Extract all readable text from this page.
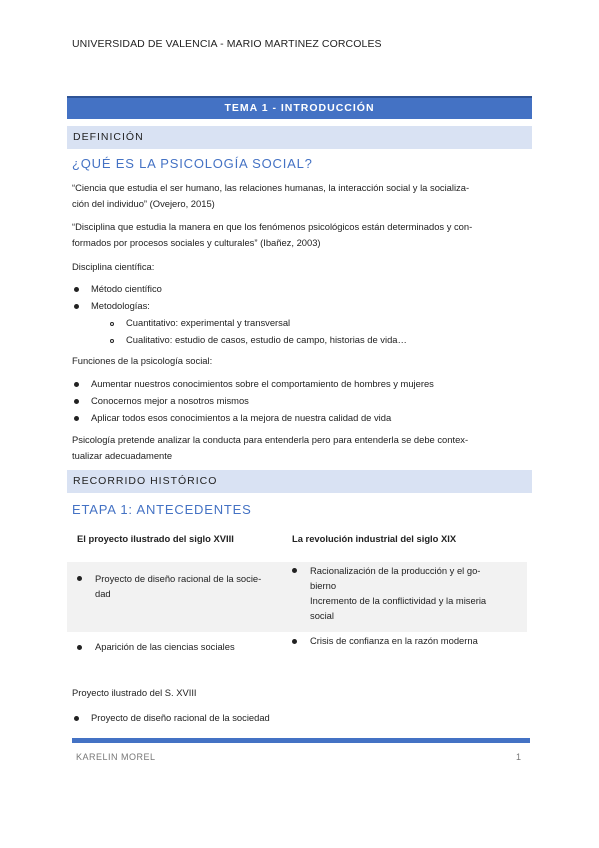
UNIVERSIDAD DE VALENCIA - MARIO MARTINEZ CORCOLES
TEMA 1 - INTRODUCCIÓN
DEFINICIÓN
¿QUÉ ES LA PSICOLOGÍA SOCIAL?
“Ciencia que estudia el ser humano, las relaciones humanas, la interacción social y la socializa-
ción del individuo” (Ovejero, 2015)
“Disciplina que estudia la manera en que los fenómenos psicológicos están determinados y con-
formados por procesos sociales y culturales” (Ibañez, 2003)
Disciplina científica:
Método científico
Metodologías:
Cuantitativo: experimental y transversal
Cualitativo: estudio de casos, estudio de campo, historias de vida…
Funciones de la psicología social:
Aumentar nuestros conocimientos sobre el comportamiento de hombres y mujeres
Conocernos mejor a nosotros mismos
Aplicar todos esos conocimientos a la mejora de nuestra calidad de vida
Psicología pretende analizar la conducta para entenderla pero para entenderla se debe contex-
tualizar adecuadamente
RECORRIDO HISTÓRICO
ETAPA 1: ANTECEDENTES
El proyecto ilustrado del siglo XVIII	La revolución industrial del siglo XIX
Proyecto de diseño racional de la socie-
dad
Racionalización de la producción y el go-
bierno
Incremento de la conflictividad y la miseria
social
Aparición de las ciencias sociales
Crisis de confianza en la razón moderna
Proyecto ilustrado del S. XVIII
Proyecto de diseño racional de la sociedad
KARELIN MOREL	1
